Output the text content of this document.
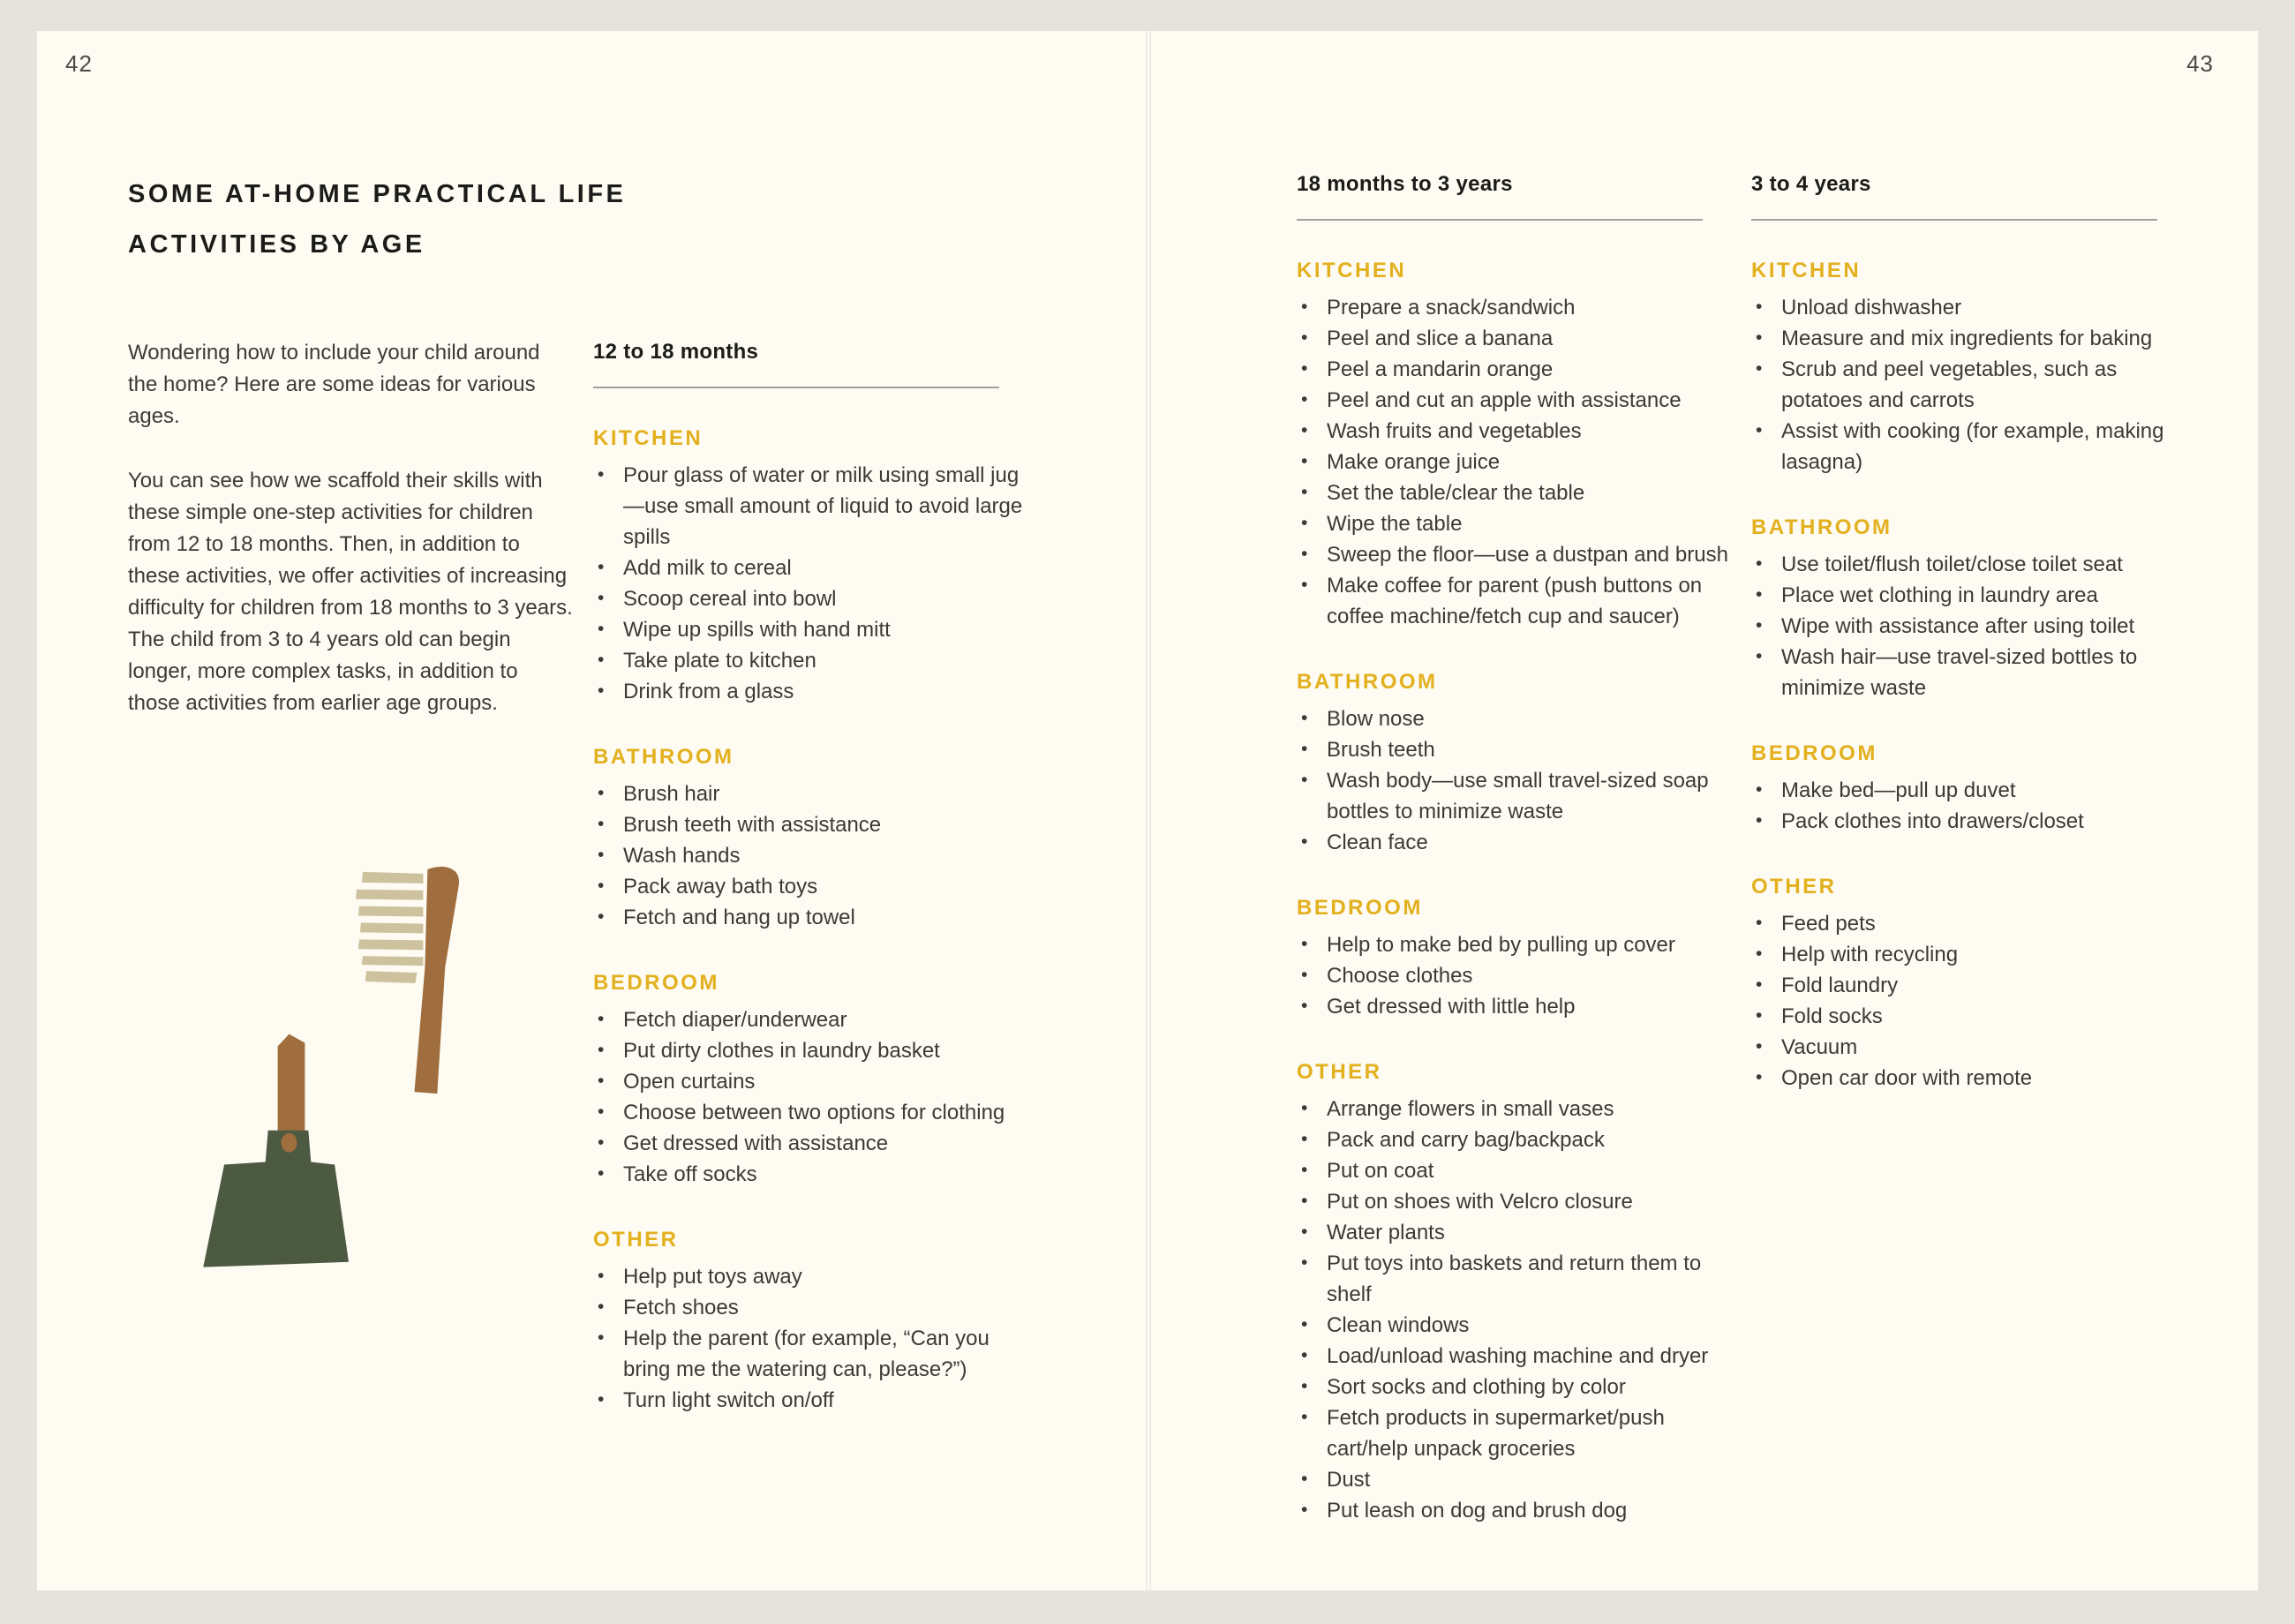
42
SOME AT-HOME PRACTICAL LIFE
ACTIVITIES BY AGE

Wondering how to include your child around the home? Here are some ideas for various ages.

You can see how we scaffold their skills with these simple one-step activities for children from 12 to 18 months. Then, in addition to these activities, we offer activities of increasing difficulty for children from 18 months to 3 years. The child from 3 to 4 years old can begin longer, more complex tasks, in addition to those activities from earlier age groups.

12 to 18 months
KITCHEN
• Pour glass of water or milk using small jug—use small amount of liquid to avoid large spills
• Add milk to cereal
• Scoop cereal into bowl
• Wipe up spills with hand mitt
• Take plate to kitchen
• Drink from a glass
BATHROOM
• Brush hair
• Brush teeth with assistance
• Wash hands
• Pack away bath toys
• Fetch and hang up towel
BEDROOM
• Fetch diaper/underwear
• Put dirty clothes in laundry basket
• Open curtains
• Choose between two options for clothing
• Get dressed with assistance
• Take off socks
OTHER
• Help put toys away
• Fetch shoes
• Help the parent (for example, “Can you bring me the watering can, please?”)
• Turn light switch on/off
43
18 months to 3 years
KITCHEN
• Prepare a snack/sandwich
• Peel and slice a banana
• Peel a mandarin orange
• Peel and cut an apple with assistance
• Wash fruits and vegetables
• Make orange juice
• Set the table/clear the table
• Wipe the table
• Sweep the floor—use a dustpan and brush
• Make coffee for parent (push buttons on coffee machine/fetch cup and saucer)
BATHROOM
• Blow nose
• Brush teeth
• Wash body—use small travel-sized soap bottles to minimize waste
• Clean face
BEDROOM
• Help to make bed by pulling up cover
• Choose clothes
• Get dressed with little help
OTHER
• Arrange flowers in small vases
• Pack and carry bag/backpack
• Put on coat
• Put on shoes with Velcro closure
• Water plants
• Put toys into baskets and return them to shelf
• Clean windows
• Load/unload washing machine and dryer
• Sort socks and clothing by color
• Fetch products in supermarket/push cart/help unpack groceries
• Dust
• Put leash on dog and brush dog
3 to 4 years
KITCHEN
• Unload dishwasher
• Measure and mix ingredients for baking
• Scrub and peel vegetables, such as potatoes and carrots
• Assist with cooking (for example, making lasagna)
BATHROOM
• Use toilet/flush toilet/close toilet seat
• Place wet clothing in laundry area
• Wipe with assistance after using toilet
• Wash hair—use travel-sized bottles to minimize waste
BEDROOM
• Make bed—pull up duvet
• Pack clothes into drawers/closet
OTHER
• Feed pets
• Help with recycling
• Fold laundry
• Fold socks
• Vacuum
• Open car door with remote
